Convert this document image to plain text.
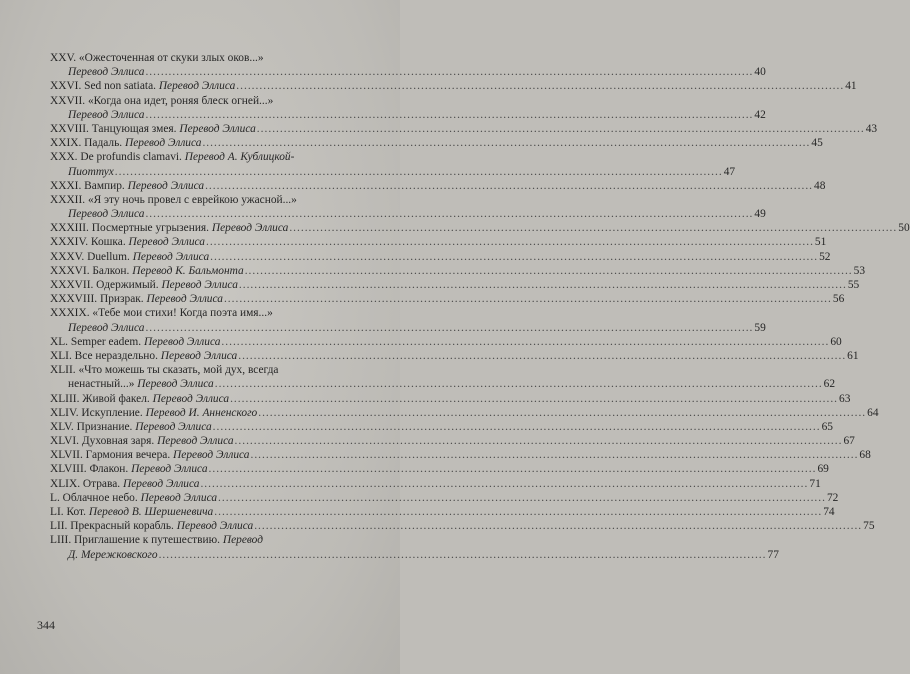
XXV. «Ожесточенная от скуки злых оков...»
Перевод Эллиса .....	40
XXVI. Sed non satiata. Перевод Эллиса .....	41
XXVII. «Когда она идет, роняя блеск огней...»
Перевод Эллиса .....	42
XXVIII. Танцующая змея. Перевод Эллиса .....	43
XXIX. Падаль. Перевод Эллиса .....	45
XXX. De profundis clamavi. Перевод А. Кублицкой-
Пиоттух .....	47
XXXI. Вампир. Перевод Эллиса .....	48
XXXII. «Я эту ночь провел с еврейкою ужасной...»
Перевод Эллиса .....	49
XXXIII. Посмертные угрызения. Перевод Эллиса .....	50
XXXIV. Кошка. Перевод Эллиса .....	51
XXXV. Duellum. Перевод Эллиса .....	52
XXXVI. Балкон. Перевод К. Бальмонта .....	53
XXXVII. Одержимый. Перевод Эллиса .....	55
XXXVIII. Призрак. Перевод Эллиса .....	56
XXXIX. «Тебе мои стихи! Когда поэта имя...»
Перевод Эллиса .....	59
XL. Semper eadem. Перевод Эллиса .....	60
XLI. Все нераздельно. Перевод Эллиса .....	61
XLII. «Что можешь ты сказать, мой дух, всегда
ненастный...» Перевод Эллиса .....	62
XLIII. Живой факел. Перевод Эллиса .....	63
XLIV. Искупление. Перевод И. Анненского .....	64
XLV. Признание. Перевод Эллиса .....	65
XLVI. Духовная заря. Перевод Эллиса .....	67
XLVII. Гармония вечера. Перевод Эллиса .....	68
XLVIII. Флакон. Перевод Эллиса .....	69
XLIX. Отрава. Перевод Эллиса .....	71
L. Облачное небо. Перевод Эллиса .....	72
LI. Кот. Перевод В. Шершеневича .....	74
LII. Прекрасный корабль. Перевод Эллиса .....	75
LIII. Приглашение к путешествию. Перевод
Д. Мережковского .....	77
344
